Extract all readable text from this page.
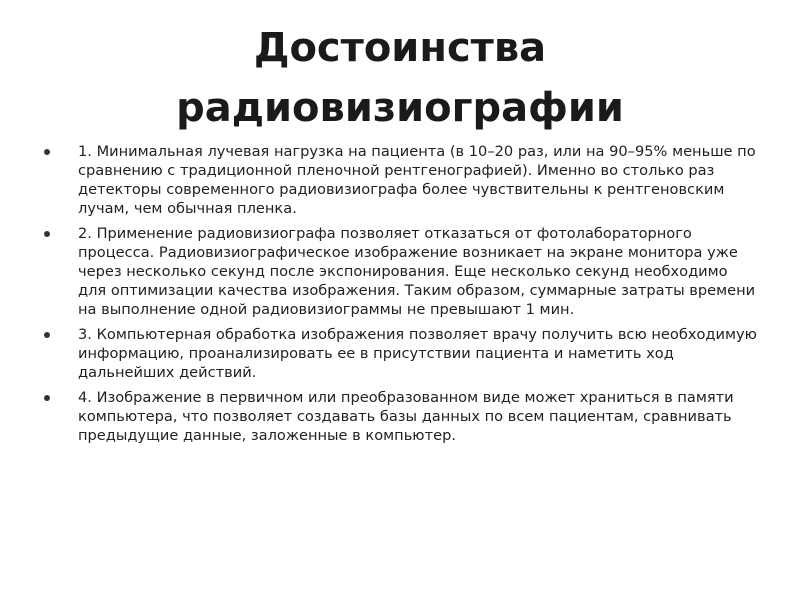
Достоинства
радиовизиографии
1. Минимальная лучевая нагрузка на пациента (в 10–20 раз, или на 90–95% меньше по сравнению с традиционной пленочной рентгенографией). Именно во столько раз детекторы современного радиовизиографа более чувствительны к рентгеновским лучам, чем обычная пленка.
2. Применение радиовизиографа позволяет отказаться от фотолабораторного процесса. Радиовизиографическое изображение возникает на экране монитора уже через несколько секунд после экспонирования. Еще несколько секунд необходимо для оптимизации качества изображения. Таким образом, суммарные затраты времени на выполнение одной радиовизиограммы не превышают 1 мин.
3. Компьютерная обработка изображения позволяет врачу получить всю необходимую информацию, проанализировать ее в присутствии пациента и наметить ход дальнейших действий.
4. Изображение в первичном или преобразованном виде может храниться в памяти компьютера, что позволяет создавать базы данных по всем пациентам, сравнивать предыдущие данные, заложенные в компьютер.
